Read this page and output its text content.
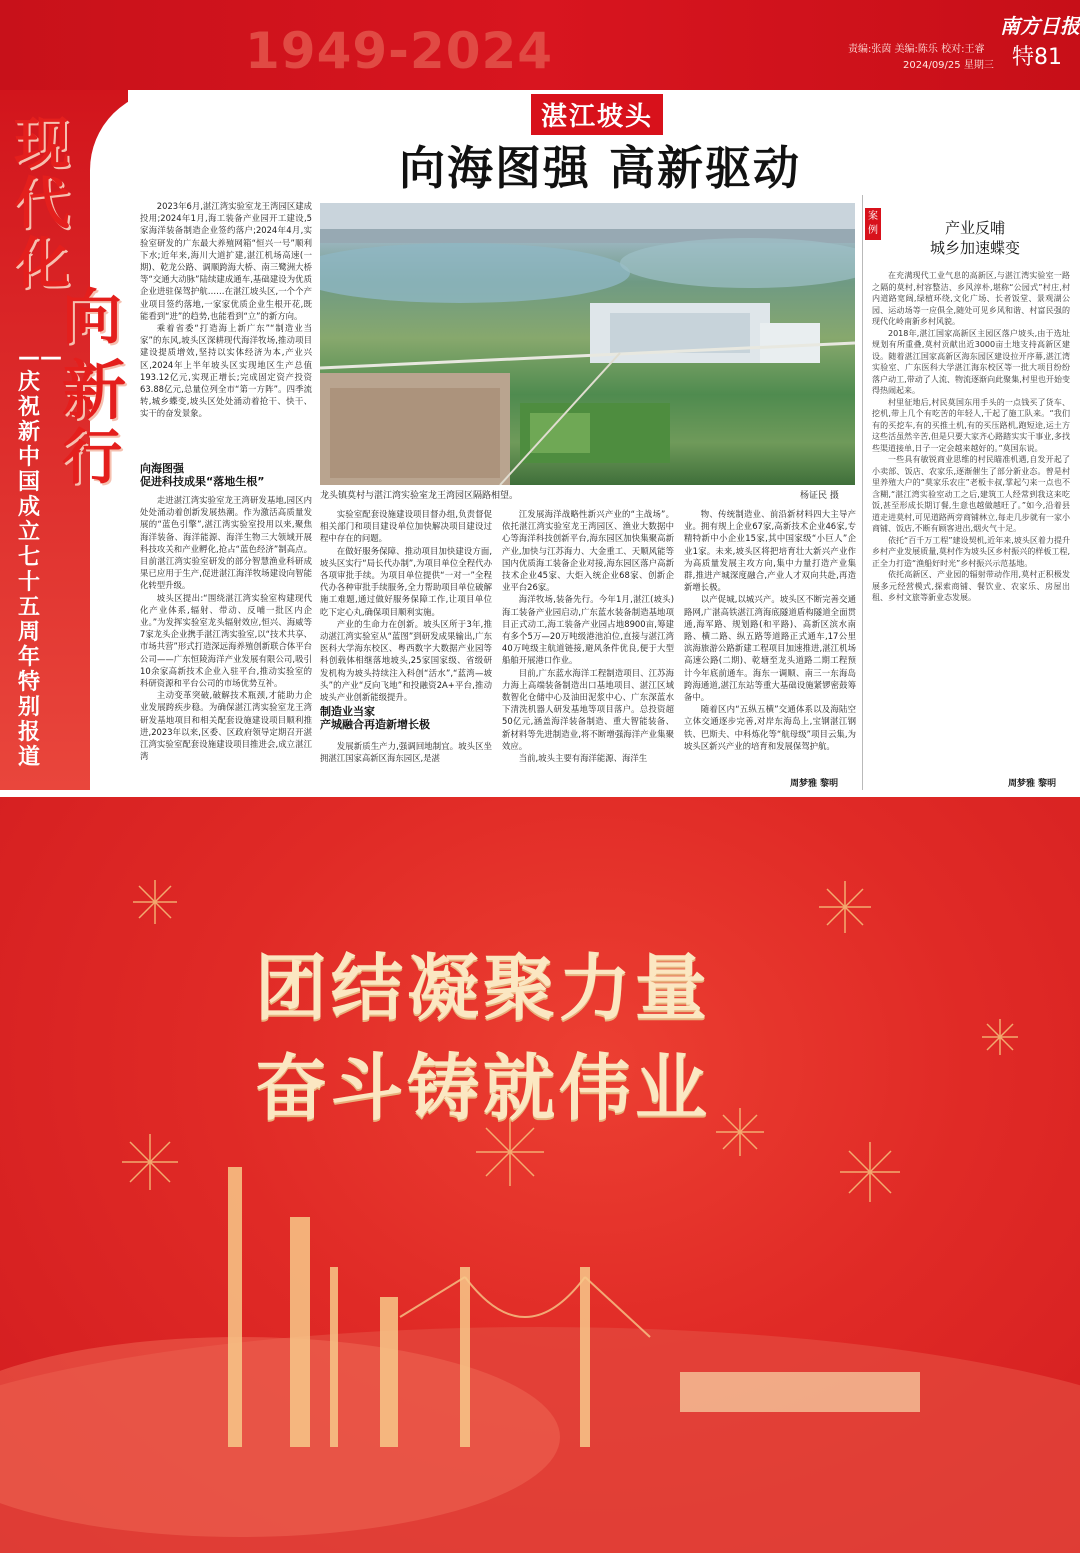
1949-2024	责编:张茵 美编:陈乐 校对:王睿
2024/09/25 星期三
南方日报
特81
现
代
化
向
新
行
——庆祝新中国成立七十五周年特别报道
湛江坡头
向海图强 高新驱动
龙头镇莫村与湛江湾实验室龙王湾园区隔路相望。	杨证民 摄

2023年6月,湛江湾实验室龙王湾园区建成投用;2024年1月,海工装备产业园开工建设,5家海洋装备制造企业签约落户;2024年4月,实验室研发的广东最大养殖网箱“恒兴一号”顺利下水;近年来,海川大道扩建,湛江机场高速(一期)、乾龙公路、调顺跨海大桥、南三鹭洲大桥等“交通大动脉”陆续建成通车,基础建设为优质企业进驻保驾护航……在湛江坡头区,一个个产业项目签约落地,一家家优质企业生根开花,既能看到“进”的趋势,也能看到“立”的新方向。

乘着省委“打造海上新广东”“制造业当家”的东风,坡头区深耕现代海洋牧场,推动项目建设提质增效,坚持以实体经济为本,产业兴区,2024年上半年坡头区实现地区生产总值193.12亿元,实现正增长;完成固定资产投资63.88亿元,总量位列全市“第一方阵”。四季流转,城乡蝶变,坡头区处处涌动着抢干、快干、实干的奋发景象。

向海图强
促进科技成果“落地生根”

走进湛江湾实验室龙王湾研发基地,园区内处处涌动着创新发展热潮。作为激活高质量发展的“蓝色引擎”,湛江湾实验室投用以来,聚焦海洋装备、海洋能源、海洋生物三大领域开展科技攻关和产业孵化,抢占“蓝色经济”制高点。目前湛江湾实验室研发的部分智慧渔业科研成果已应用于生产,促进湛江海洋牧场建设向智能化转型升级。

坡头区提出:“围绕湛江湾实验室构建现代化产业体系,辐射、带动、反哺一批区内企业。”为发挥实验室龙头辐射效应,恒兴、海威等7家龙头企业携手湛江湾实验室,以“技术共享、市场共营”形式打造深远海养殖创新联合体平台公司——广东恒陵海洋产业发展有限公司,吸引10余家高新技术企业入驻平台,推动实验室的科研资源和平台公司的市场优势互补。

主动变革突破,破解技术瓶颈,才能助力企业发展跨疾步稳。为确保湛江湾实验室龙王湾研发基地项目和相关配套设施建设项目顺利推进,2023年以来,区委、区政府领导定期召开湛江湾实验室配套设施建设项目推进会,成立湛江湾

实验室配套设施建设项目督办组,负责督促相关部门和项目建设单位加快解决项目建设过程中存在的问题。

在做好服务保障、推动项目加快建设方面,坡头区实行“局长代办制”,为项目单位全程代办各项审批手续。为项目单位提供“一对一”全程代办各种审批手续服务,全力帮助项目单位破解施工难题,通过做好服务保障工作,让项目单位吃下定心丸,确保项目顺利实施。

产业的生命力在创新。坡头区所于3年,推动湛江湾实验室从“蓝图”到研发成果输出,广东医科大学海东校区、粤西数字大数据产业园等科创载体相继落地坡头,25家国家级、省级研发机构为坡头持续注入科创“活水”,“蓝湾—坡头”的产业“反向飞地”和投融资2A+平台,推动坡头产业创新能级提升。

制造业当家
产城融合再造新增长极

发展新质生产力,强调回地制宜。坡头区坐拥湛江国家高新区海东园区,是湛

江发展海洋战略性新兴产业的“主战场”。依托湛江湾实验室龙王湾园区、渔业大数据中心等海洋科技创新平台,海东园区加快集聚高新产业,加快与江苏海力、大金重工、天顺风能等国内优质海工装备企业对接,海东园区落户高新技术企业45家、大炬入统企业68家、创新企业平台26家。

海洋牧场,装备先行。今年1月,湛江(坡头)海工装备产业园启动,广东蓝水装备制造基地项目正式动工,海工装备产业园占地8900亩,筹建有多个5万—20万吨级港池泊位,直接与湛江湾40万吨级主航道链接,避风条件优良,便于大型船舶开展港口作业。

目前,广东蓝水海洋工程制造项目、江苏海力海上高端装备制造出口基地项目、湛江区域数智化仓储中心及油田泥浆中心、广东深蓝水下清洗机器人研发基地等项目落户。总投资超50亿元,涵盖海洋装备制造、重大智能装备、新材料等先进制造业,将不断增强海洋产业集聚效应。

当前,坡头主要有海洋能源、海洋生

物、传统制造业、前沿新材料四大主导产业。拥有规上企业67家,高新技术企业46家,专精特新中小企业15家,其中国家级“小巨人”企业1家。未来,坡头区将把培育壮大新兴产业作为高质量发展主攻方向,集中力量打造产业集群,推进产城深度融合,产业人才双向共赴,再造新增长极。

以产促城,以城兴产。坡头区不断完善交通路网,广湛高铁湛江湾海底隧道盾构隧道全面贯通,海军路、规划路(和平路)、高新区滨水南路、横二路、纵五路等道路正式通车,17公里滨海旅游公路新建工程项目加速推进,湛江机场高速公路(二期)、乾塘至龙头道路二期工程预计今年底前通车。海东一调顺、南三一东海岛跨海通道,湛江东站等重大基础设施紧锣密鼓筹备中。

随着区内“五纵五横”交通体系以及海陆空立体交通逐步完善,对岸东海岛上,宝钢湛江钢铁、巴斯夫、中科炼化等“航母级”项目云集,为坡头区新兴产业的培育和发展保驾护航。

周梦雅 黎明
案例	产业反哺
城乡加速蝶变

在充满现代工业气息的高新区,与湛江湾实验室一路之隔的莫村,村容整洁、乡风淳朴,堪称“公园式”村庄,村内道路宽阔,绿植环绕,文化广场、长者饭堂、景观湖公园、运动场等一应俱全,随处可见乡风和谐、村富民强的现代化岭南新乡村风貌。

2018年,湛江国家高新区主园区落户坡头,由于选址规划有所重叠,莫村贡献出近3000亩土地支持高新区建设。随着湛江国家高新区海东园区建设拉开序幕,湛江湾实验室、广东医科大学湛江海东校区等一批大项目纷纷落户动工,带动了人流、物流逐渐向此聚集,村里也开始变得热闹起来。

村里征地后,村民莫国东用手头的一点钱买了货车、挖机,带上几个有吃苦的年轻人,干起了施工队来。“我们有的买挖车,有的买推土机,有的买压路机,跑短途,运土方这些活虽然辛苦,但是只要大家齐心路踏实实干事业,多找些渠道接单,日子一定会越来越好的。”莫国东说。

一些具有敏锐商业思维的村民瞄准机遇,自发开起了小卖部、饭店、农家乐,逐渐催生了部分新业态。曾是村里养殖大户的“莫家乐农庄”老板卡叔,掌起勺来一点也不含糊,“湛江湾实验室动工之后,建筑工人经常到我这来吃饭,甚至形成长期订餐,生意也越做越旺了。”如今,沿着县道走进莫村,可见道路两旁商铺林立,每走几步就有一家小商铺、饭店,不断有顾客进出,烟火气十足。

依托“百千万工程”建设契机,近年来,坡头区着力提升乡村产业发展质量,莫村作为坡头区乡村振兴的样板工程,正全力打造“渔船好时光”乡村振兴示范基地。

依托高新区、产业园的辐射带动作用,莫村正积极发展多元经营模式,探索商铺、餐饮业、农家乐、房屋出租、乡村文旅等新业态发展。

周梦雅 黎明
团结凝聚力量
奋斗铸就伟业
